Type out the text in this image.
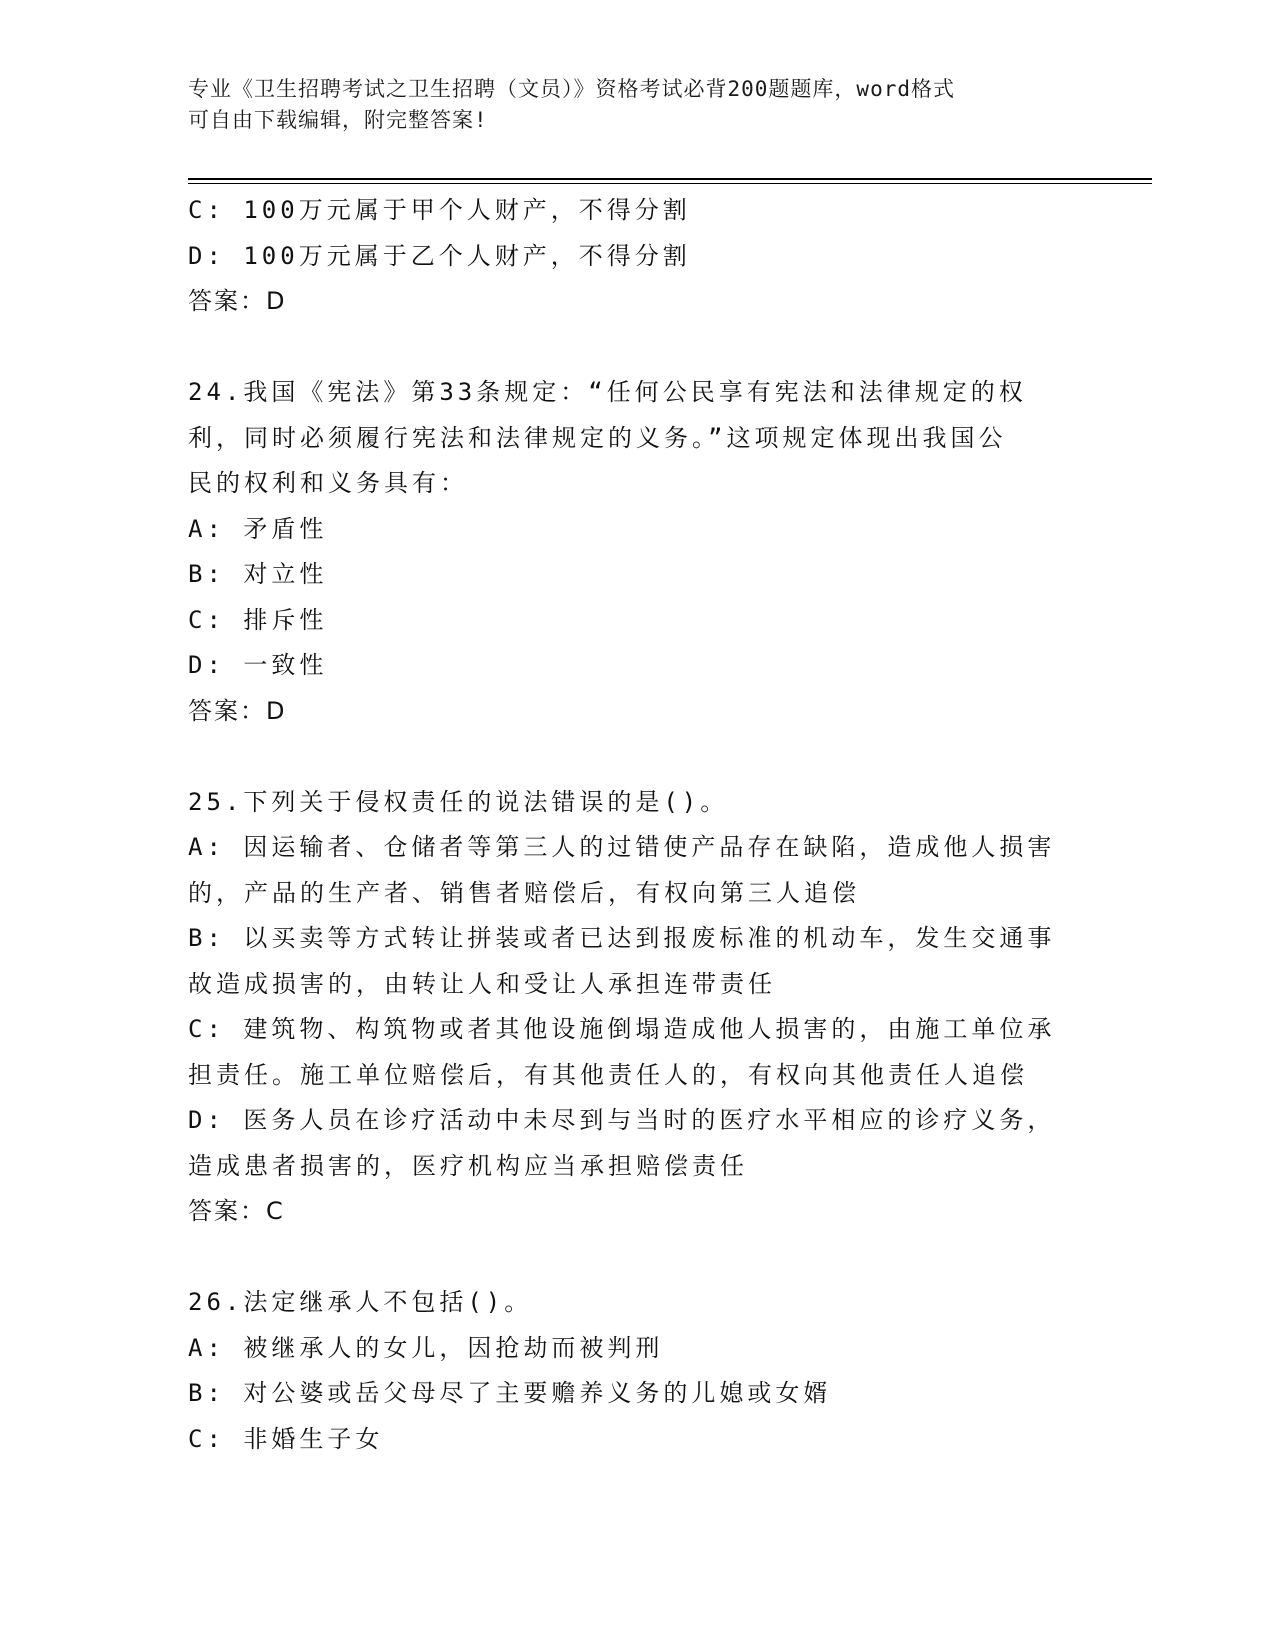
专业《卫生招聘考试之卫生招聘（文员）》资格考试必背200题题库，word格式
可自由下载编辑，附完整答案!
C: 100万元属于甲个人财产，不得分割
D: 100万元属于乙个人财产，不得分割
答案：D
24.我国《宪法》第33条规定：“任何公民享有宪法和法律规定的权
利，同时必须履行宪法和法律规定的义务。”这项规定体现出我国公
民的权利和义务具有：
A: 矛盾性
B: 对立性
C: 排斥性
D: 一致性
答案：D
25.下列关于侵权责任的说法错误的是()。
A: 因运输者、仓储者等第三人的过错使产品存在缺陷，造成他人损害
的，产品的生产者、销售者赔偿后，有权向第三人追偿
B: 以买卖等方式转让拼装或者已达到报废标准的机动车，发生交通事
故造成损害的，由转让人和受让人承担连带责任
C: 建筑物、构筑物或者其他设施倒塌造成他人损害的，由施工单位承
担责任。施工单位赔偿后，有其他责任人的，有权向其他责任人追偿
D: 医务人员在诊疗活动中未尽到与当时的医疗水平相应的诊疗义务，
造成患者损害的，医疗机构应当承担赔偿责任
答案：C
26.法定继承人不包括()。
A: 被继承人的女儿，因抢劫而被判刑
B: 对公婆或岳父母尽了主要赡养义务的儿媳或女婿
C: 非婚生子女
